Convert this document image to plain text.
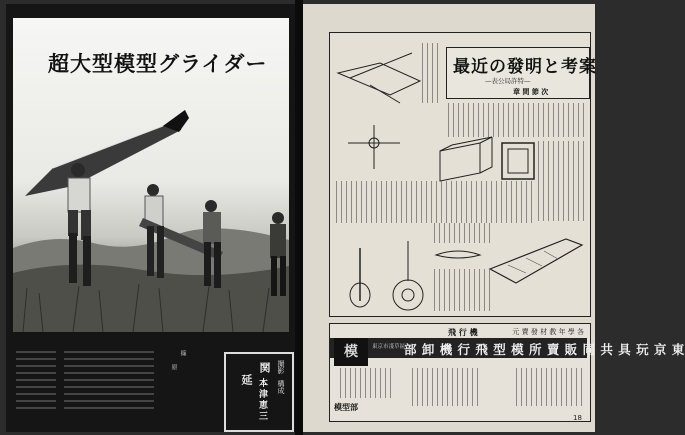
超大型模型グライダー
篠
原	撮影
構成
関
延 本津恵三
最近の發明と考案
—表公局許特—
章 間 節 次
飛 行 機	元 賣 發 材 教 年 學 各
模	東京市淺草區
部 卸 機 行 飛 型 模 所 賣 販 同 共 具 玩 京 東
模型部
18
